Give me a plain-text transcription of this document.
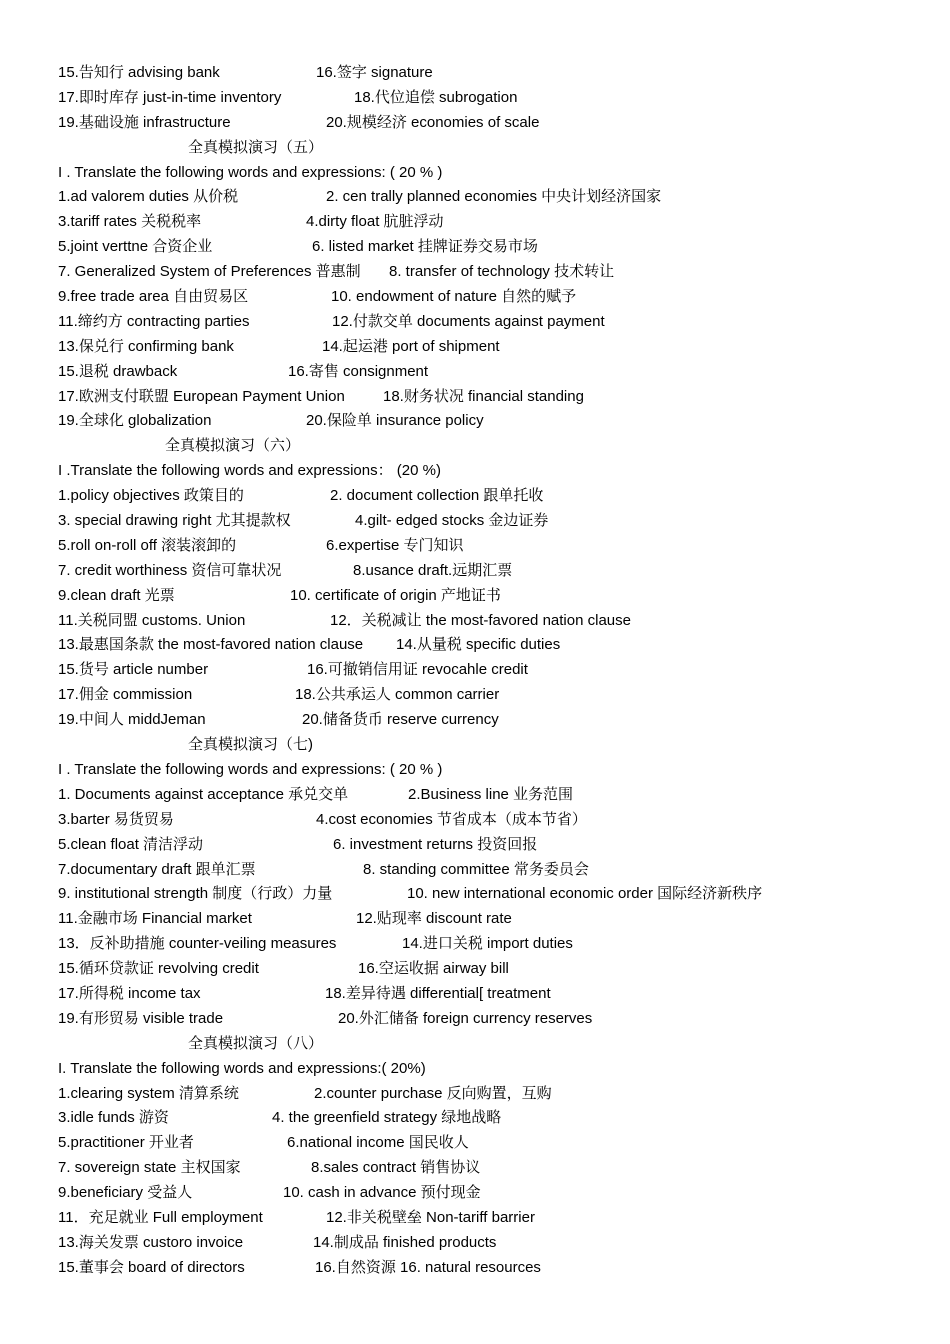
15.告知行 advising bank	16.签字 signature
17.即时库存 just-in-time inventory	18.代位追偿 subrogation
19.基础设施 infrastructure	20.规模经济 economies of scale
全真模拟演习（五）
I . Translate the following words and expressions: ( 20 % )
1.ad valorem duties 从价税	2. cen trally planned economies 中央计划经济国家
3.tariff rates 关税税率	4.dirty float 肮脏浮动
5.joint verttne 合资企业	6. listed market 挂牌证券交易市场
7. Generalized System of Preferences 普惠制 8. transfer of technology 技术转让
9.free trade area 自由贸易区	10. endowment of nature 自然的赋予
11.缔约方 contracting parties	12.付款交单 documents against payment
13.保兑行 confirming bank	14.起运港 port of shipment
15.退税 drawback	16.寄售 consignment
17.欧洲支付联盟 European Payment Union	18.财务状况 financial standing
19.全球化 globalization	20.保险单 insurance policy
全真模拟演习（六）
I .Translate the following words and expressions： (20 %)
1.policy objectives 政策目的	2. document collection 跟单托收
3. special drawing right 尤其提款权	4.gilt- edged stocks 金边证券
5.roll on-roll off 滚装滚卸的	6.expertise 专门知识
7. credit worthiness 资信可靠状况	8.usance draft.远期汇票
9.clean draft 光票	10. certificate of origin 产地证书
11.关税同盟 customs. Union	12．关税减让 the most-favored nation clause
13.最惠国条款 the most-favored nation clause 14.从量税 specific duties
15.货号 article number	16.可撤销信用证 revocahle credit
17.佣金 commission	18.公共承运人 common carrier
19.中间人 middJeman	20.储备货币 reserve currency
全真模拟演习（七)
I . Translate the following words and expressions: ( 20 % )
1. Documents against acceptance 承兑交单	2.Business line 业务范围
3.barter 易货贸易	4.cost economies 节省成本（成本节省）
5.clean float 清洁浮动	6. investment returns 投资回报
7.documentary draft 跟单汇票	8. standing committee 常务委员会
9. institutional strength 制度（行政）力量	10. new international economic order 国际经济新秩序
11.金融市场 Financial market	12.贴现率 discount rate
13．反补助措施 counter-veiling measures	14.进口关税 import duties
15.循环贷款证 revolving credit	16.空运收据 airway bill
17.所得税 income tax	18.差异待遇 differential[ treatment
19.有形贸易 visible trade	20.外汇储备 foreign currency reserves
全真模拟演习（八）
I. Translate the following words and expressions:( 20%)
1.clearing system 清算系统	2.counter purchase 反向购置，互购
3.idle funds 游资	4. the greenfield strategy 绿地战略
5.practitioner 开业者	6.national income 国民收人
7. sovereign state 主权国家	8.sales contract 销售协议
9.beneficiary 受益人	10. cash in advance 预付现金
11．充足就业 Full employment	12.非关税壁垒 Non-tariff barrier
13.海关发票 custoro invoice	14.制成品 finished products
15.董事会 board of directors	16.自然资源 16. natural resources
